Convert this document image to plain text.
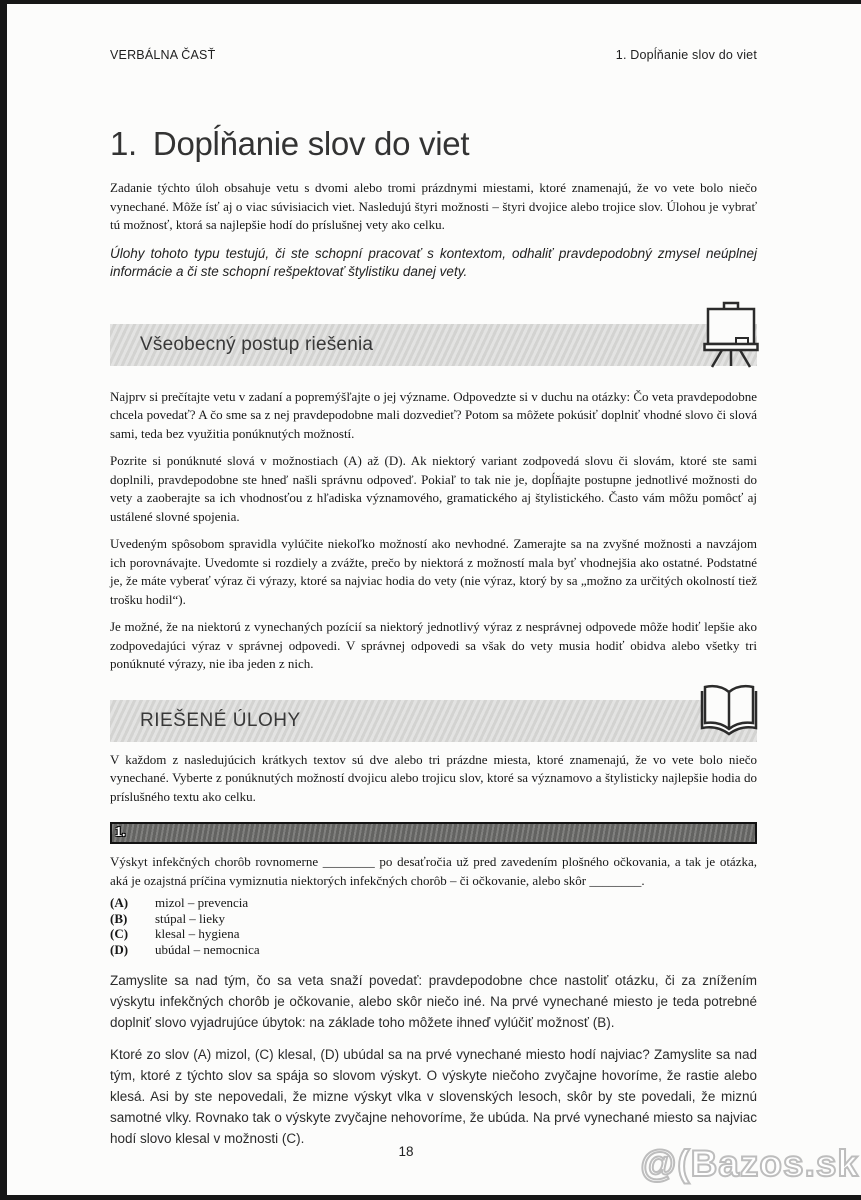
VERBÁLNA ČASŤ	1. Dopĺňanie slov do viet
1. Dopĺňanie slov do viet

Zadanie týchto úloh obsahuje vetu s dvomi alebo tromi prázdnymi miestami, ktoré znamenajú, že vo vete bolo niečo vynechané. Môže ísť aj o viac súvisiacich viet. Nasledujú štyri možnosti – štyri dvojice alebo trojice slov. Úlohou je vybrať tú možnosť, ktorá sa najlepšie hodí do príslušnej vety ako celku.

Úlohy tohoto typu testujú, či ste schopní pracovať s kontextom, odhaliť pravdepodobný zmysel neúplnej informácie a či ste schopní rešpektovať štylistiku danej vety.

Všeobecný postup riešenia

Najprv si prečítajte vetu v zadaní a popremýšľajte o jej význame. Odpovedzte si v duchu na otázky: Čo veta pravdepodobne chcela povedať? A čo sme sa z nej pravdepodobne mali dozvedieť? Potom sa môžete pokúsiť doplniť vhodné slovo či slová sami, teda bez využitia ponúknutých možností.

Pozrite si ponúknuté slová v možnostiach (A) až (D). Ak niektorý variant zodpovedá slovu či slovám, ktoré ste sami doplnili, pravdepodobne ste hneď našli správnu odpoveď. Pokiaľ to tak nie je, dopĺňajte postupne jednotlivé možnosti do vety a zaoberajte sa ich vhodnosťou z hľadiska významového, gramatického aj štylistického. Často vám môžu pomôcť aj ustálené slovné spojenia.

Uvedeným spôsobom spravidla vylúčite niekoľko možností ako nevhodné. Zamerajte sa na zvyšné možnosti a navzájom ich porovnávajte. Uvedomte si rozdiely a zvážte, prečo by niektorá z možností mala byť vhodnejšia ako ostatné. Podstatné je, že máte vyberať výraz či výrazy, ktoré sa najviac hodia do vety (nie výraz, ktorý by sa „možno za určitých okolností tiež trošku hodil“).

Je možné, že na niektorú z vynechaných pozícií sa niektorý jednotlivý výraz z nesprávnej odpovede môže hodiť lepšie ako zodpovedajúci výraz v správnej odpovedi. V správnej odpovedi sa však do vety musia hodiť obidva alebo všetky tri ponúknuté výrazy, nie iba jeden z nich.

RIEŠENÉ ÚLOHY

V každom z nasledujúcich krátkych textov sú dve alebo tri prázdne miesta, ktoré znamenajú, že vo vete bolo niečo vynechané. Vyberte z ponúknutých možností dvojicu alebo trojicu slov, ktoré sa významovo a štylisticky najlepšie hodia do príslušného textu ako celku.

1.

Výskyt infekčných chorôb rovnomerne ________ po desaťročia už pred zavedením plošného očkovania, a tak je otázka, aká je ozajstná príčina vymiznutia niektorých infekčných chorôb – či očkovanie, alebo skôr ________.

(A)	mizol – prevencia
(B)	stúpal – lieky
(C)	klesal – hygiena
(D)	ubúdal – nemocnica

Zamyslite sa nad tým, čo sa veta snaží povedať: pravdepodobne chce nastoliť otázku, či za znížením výskytu infekčných chorôb je očkovanie, alebo skôr niečo iné. Na prvé vynechané miesto je teda potrebné doplniť slovo vyjadrujúce úbytok: na základe toho môžete ihneď vylúčiť možnosť (B).

Ktoré zo slov (A) mizol, (C) klesal, (D) ubúdal sa na prvé vynechané miesto hodí najviac? Zamyslite sa nad tým, ktoré z týchto slov sa spája so slovom výskyt. O výskyte niečoho zvyčajne hovoríme, že rastie alebo klesá. Asi by ste nepovedali, že mizne výskyt vlka v slovenských lesoch, skôr by ste povedali, že miznú samotné vlky. Rovnako tak o výskyte zvyčajne nehovoríme, že ubúda. Na prvé vynechané miesto sa najviac hodí slovo klesal v možnosti (C).

18	@(Bazos.sk
